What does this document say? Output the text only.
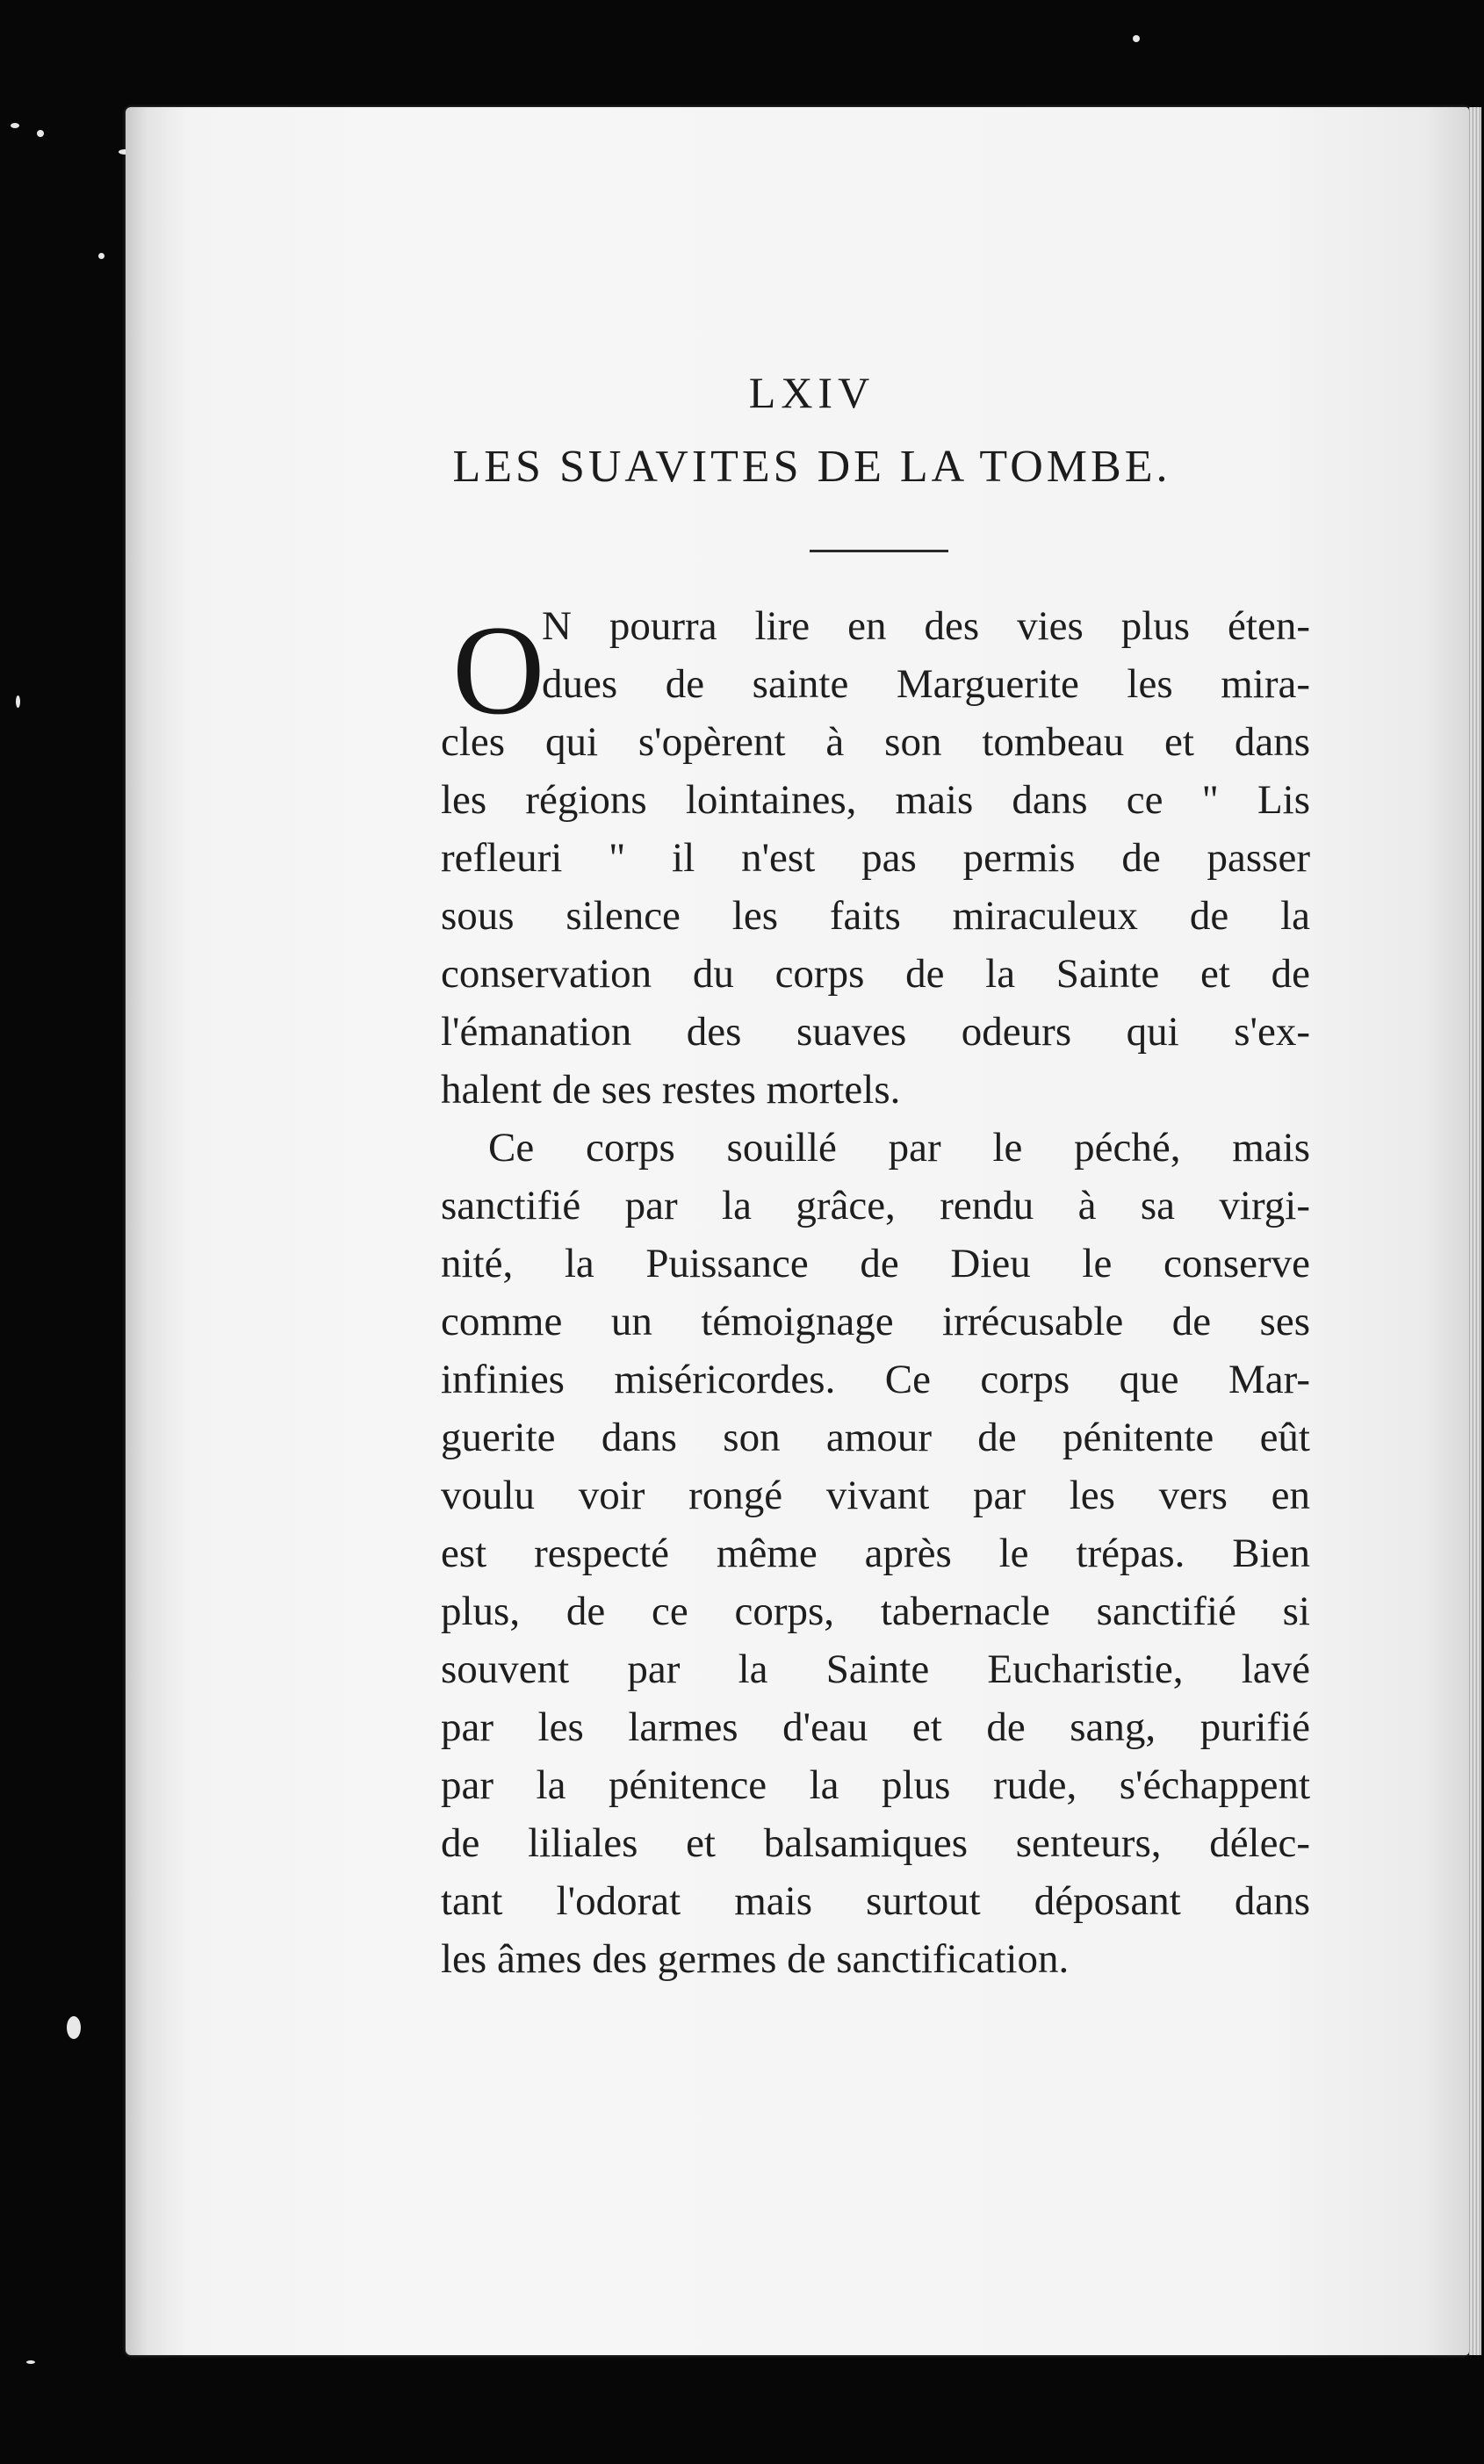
LXIV
LES SUAVITES DE LA TOMBE.
O
N pourra lire en des vies plus éten-
dues de sainte Marguerite les mira-
cles qui s'opèrent à son tombeau et dans
les régions lointaines, mais dans ce " Lis
refleuri " il n'est pas permis de passer
sous silence les faits miraculeux de la
conservation du corps de la Sainte et de
l'émanation des suaves odeurs qui s'ex-
halent de ses restes mortels.
Ce corps souillé par le péché, mais
sanctifié par la grâce, rendu à sa virgi-
nité, la Puissance de Dieu le conserve
comme un témoignage irrécusable de ses
infinies miséricordes. Ce corps que Mar-
guerite dans son amour de pénitente eût
voulu voir rongé vivant par les vers en
est respecté même après le trépas. Bien
plus, de ce corps, tabernacle sanctifié si
souvent par la Sainte Eucharistie, lavé
par les larmes d'eau et de sang, purifié
par la pénitence la plus rude, s'échappent
de liliales et balsamiques senteurs, délec-
tant l'odorat mais surtout déposant dans
les âmes des germes de sanctification.
